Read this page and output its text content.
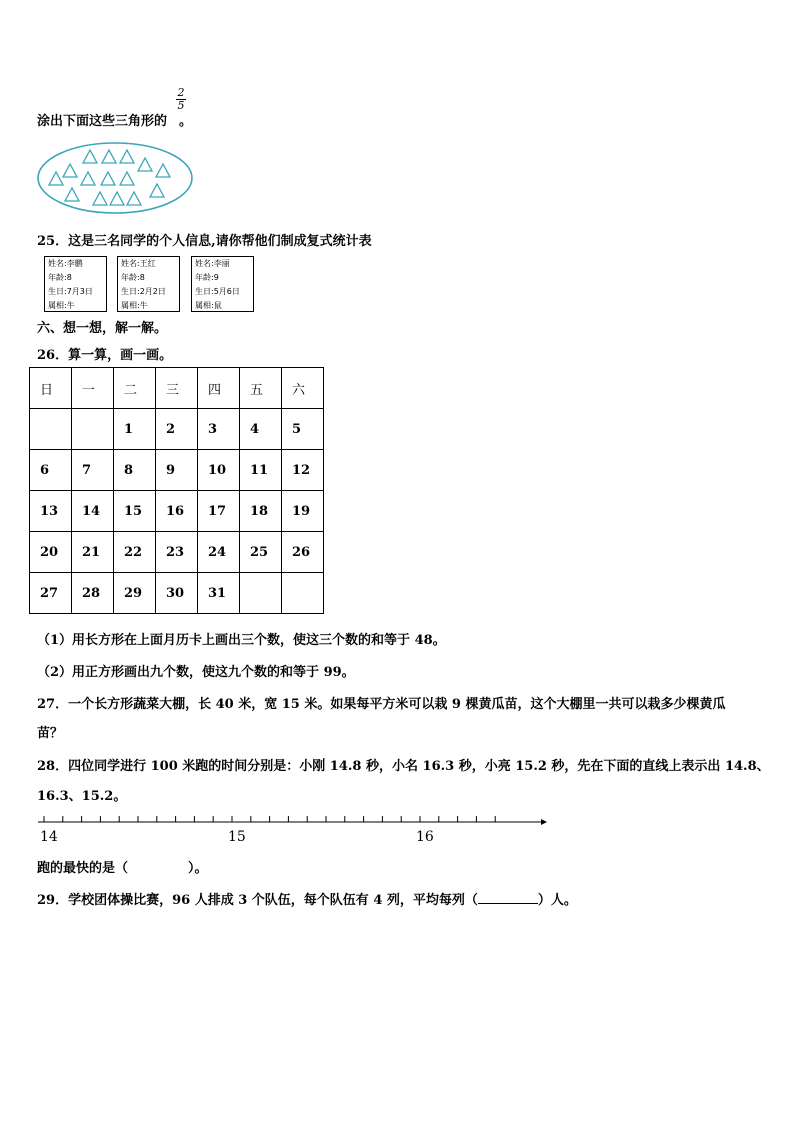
涂出下面这些三角形的 。
$\frac{2}{5}$
25．这是三名同学的个人信息,请你帮他们制成复式统计表
姓名:李鹏
年龄:8
生日:7月3日
属相:牛
姓名:王红
年龄:8
生日:2月2日
属相:牛
姓名:李丽
年龄:9
生日:5月6日
属相:鼠
六、想一想，解一解。
26．算一算，画一画。
日	一	二	三	四	五	六
		1	2	3	4	5
6	7	8	9	10	11	12
13	14	15	16	17	18	19
20	21	22	23	24	25	26
27	28	29	30	31		
（1）用长方形在上面月历卡上画出三个数，使这三个数的和等于 48。
（2）用正方形画出九个数，使这九个数的和等于 99。
27．一个长方形蔬菜大棚，长 40 米，宽 15 米。如果每平方米可以栽 9 棵黄瓜苗，这个大棚里一共可以栽多少棵黄瓜
苗？
28．四位同学进行 100 米跑的时间分别是：小刚 14.8 秒，小名 16.3 秒，小亮 15.2 秒，先在下面的直线上表示出 14.8、
16.3、15.2。
14	15	16
跑的最快的是（	）。
29．学校团体操比赛，96 人排成 3 个队伍，每个队伍有 4 列，平均每列（	）人。
